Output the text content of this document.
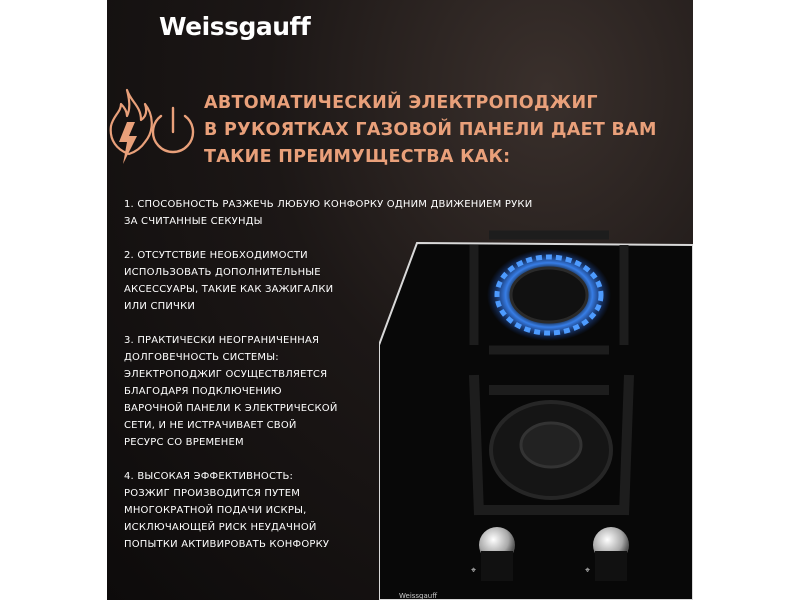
Weissgauff
АВТОМАТИЧЕСКИЙ ЭЛЕКТРОПОДЖИГ
В РУКОЯТКАХ ГАЗОВОЙ ПАНЕЛИ ДАЕТ ВАМ
ТАКИЕ ПРЕИМУЩЕСТВА КАК:
⌖	⌖
Weissgauff
1. СПОСОБНОСТЬ РАЗЖЕЧЬ ЛЮБУЮ КОНФОРКУ ОДНИМ ДВИЖЕНИЕМ РУКИ
ЗА СЧИТАННЫЕ СЕКУНДЫ
2. ОТСУТСТВИЕ НЕОБХОДИМОСТИ
ИСПОЛЬЗОВАТЬ ДОПОЛНИТЕЛЬНЫЕ
АКСЕССУАРЫ, ТАКИЕ КАК ЗАЖИГАЛКИ
ИЛИ СПИЧКИ
3. ПРАКТИЧЕСКИ НЕОГРАНИЧЕННАЯ
ДОЛГОВЕЧНОСТЬ СИСТЕМЫ:
ЭЛЕКТРОПОДЖИГ ОСУЩЕСТВЛЯЕТСЯ
БЛАГОДАРЯ ПОДКЛЮЧЕНИЮ
ВАРОЧНОЙ ПАНЕЛИ К ЭЛЕКТРИЧЕСКОЙ
СЕТИ, И НЕ ИСТРАЧИВАЕТ СВОЙ
РЕСУРС СО ВРЕМЕНЕМ
4. ВЫСОКАЯ ЭФФЕКТИВНОСТЬ:
РОЗЖИГ ПРОИЗВОДИТСЯ ПУТЕМ
МНОГОКРАТНОЙ ПОДАЧИ ИСКРЫ,
ИСКЛЮЧАЮЩЕЙ РИСК НЕУДАЧНОЙ
ПОПЫТКИ АКТИВИРОВАТЬ КОНФОРКУ
